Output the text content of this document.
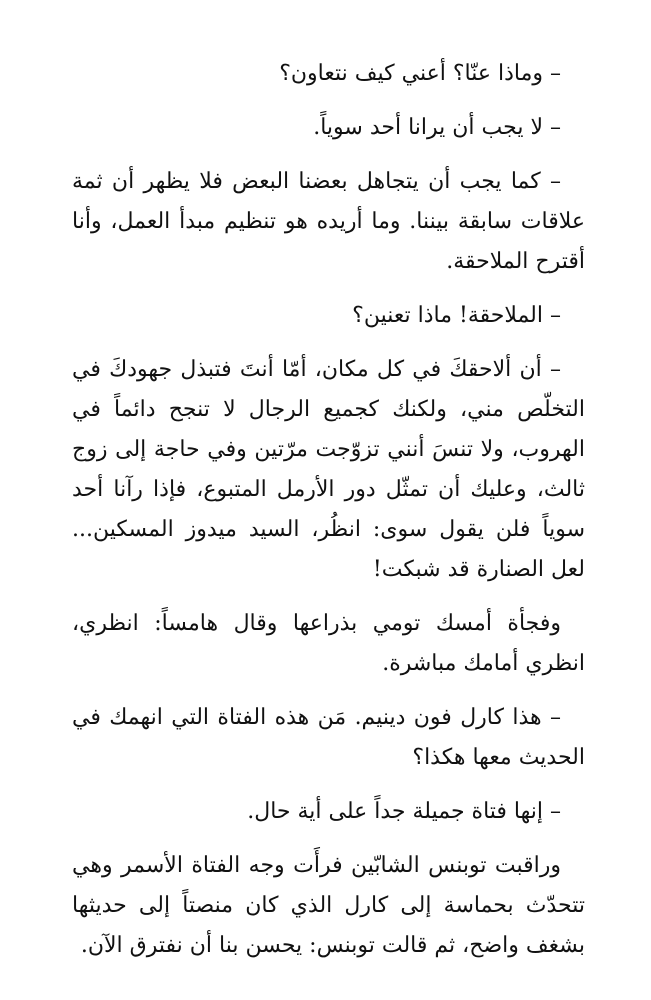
– وماذا عنّا؟ أعني كيف نتعاون؟

– لا يجب أن يرانا أحد سوياً.

– كما يجب أن يتجاهل بعضنا البعض فلا يظهر أن ثمة علاقات سابقة بيننا. وما أريده هو تنظيم مبدأ العمل، وأنا أقترح الملاحقة.

– الملاحقة! ماذا تعنين؟

– أن ألاحقكَ في كل مكان، أمّا أنتَ فتبذل جهودكَ في التخلّص مني، ولكنك كجميع الرجال لا تنجح دائماً في الهروب، ولا تنسَ أنني تزوّجت مرّتين وفي حاجة إلى زوج ثالث، وعليك أن تمثّل دور الأرمل المتبوع، فإذا رآنا أحد سوياً فلن يقول سوى: انظُر، السيد ميدوز المسكين... لعل الصنارة قد شبكت!

وفجأة أمسك تومي بذراعها وقال هامساً: انظري، انظري أمامك مباشرة.

– هذا كارل فون دينيم. مَن هذه الفتاة التي انهمك في الحديث معها هكذا؟

– إنها فتاة جميلة جداً على أية حال.

وراقبت توبنس الشابّين فرأَت وجه الفتاة الأسمر وهي تتحدّث بحماسة إلى كارل الذي كان منصتاً إلى حديثها بشغف واضح، ثم قالت توبنس: يحسن بنا أن نفترق الآن.
